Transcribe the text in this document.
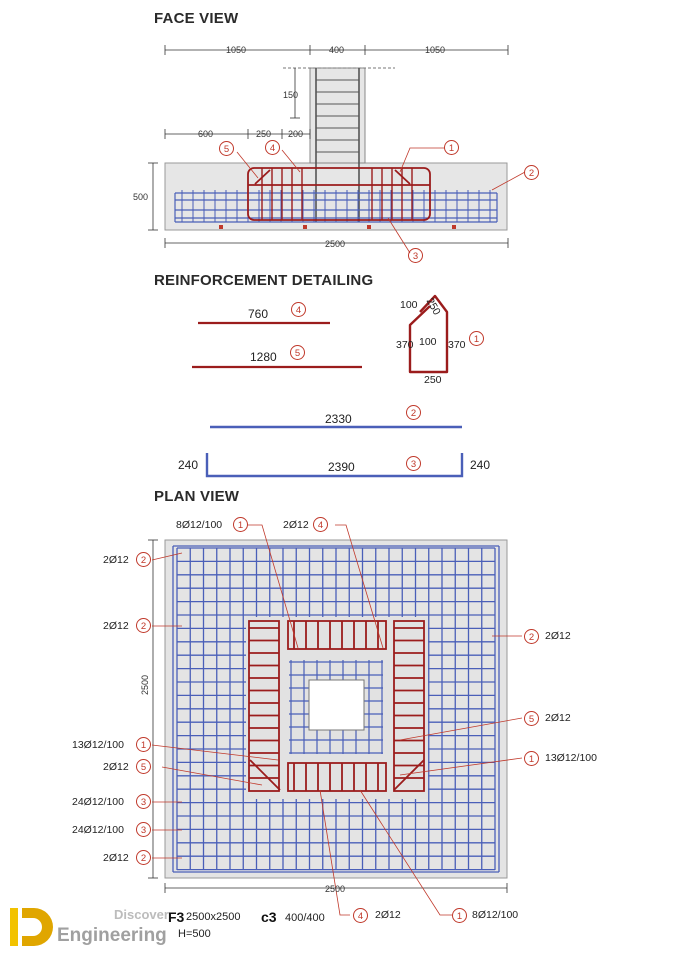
FACE VIEW
1050	400	1050
150
600	250 200
500
2500
5	4	1
2
3
REINFORCEMENT DETAILING
760	4
1280	5
100 250
370 100 370
250
1
2330	2
240	2390	3	240
PLAN VIEW
2500
2500
8Ø12/100	1	2Ø12 4
2Ø12	2
2Ø12	2
13Ø12/100	1
2Ø12	5
24Ø12/100	3
24Ø12/100	3
2Ø12	2
2	2Ø12
5	2Ø12
1	13Ø12/100
4	2Ø12	1 8Ø12/100
Discover
Engineering
F3 2500x2500
H=500
c3 400/400
